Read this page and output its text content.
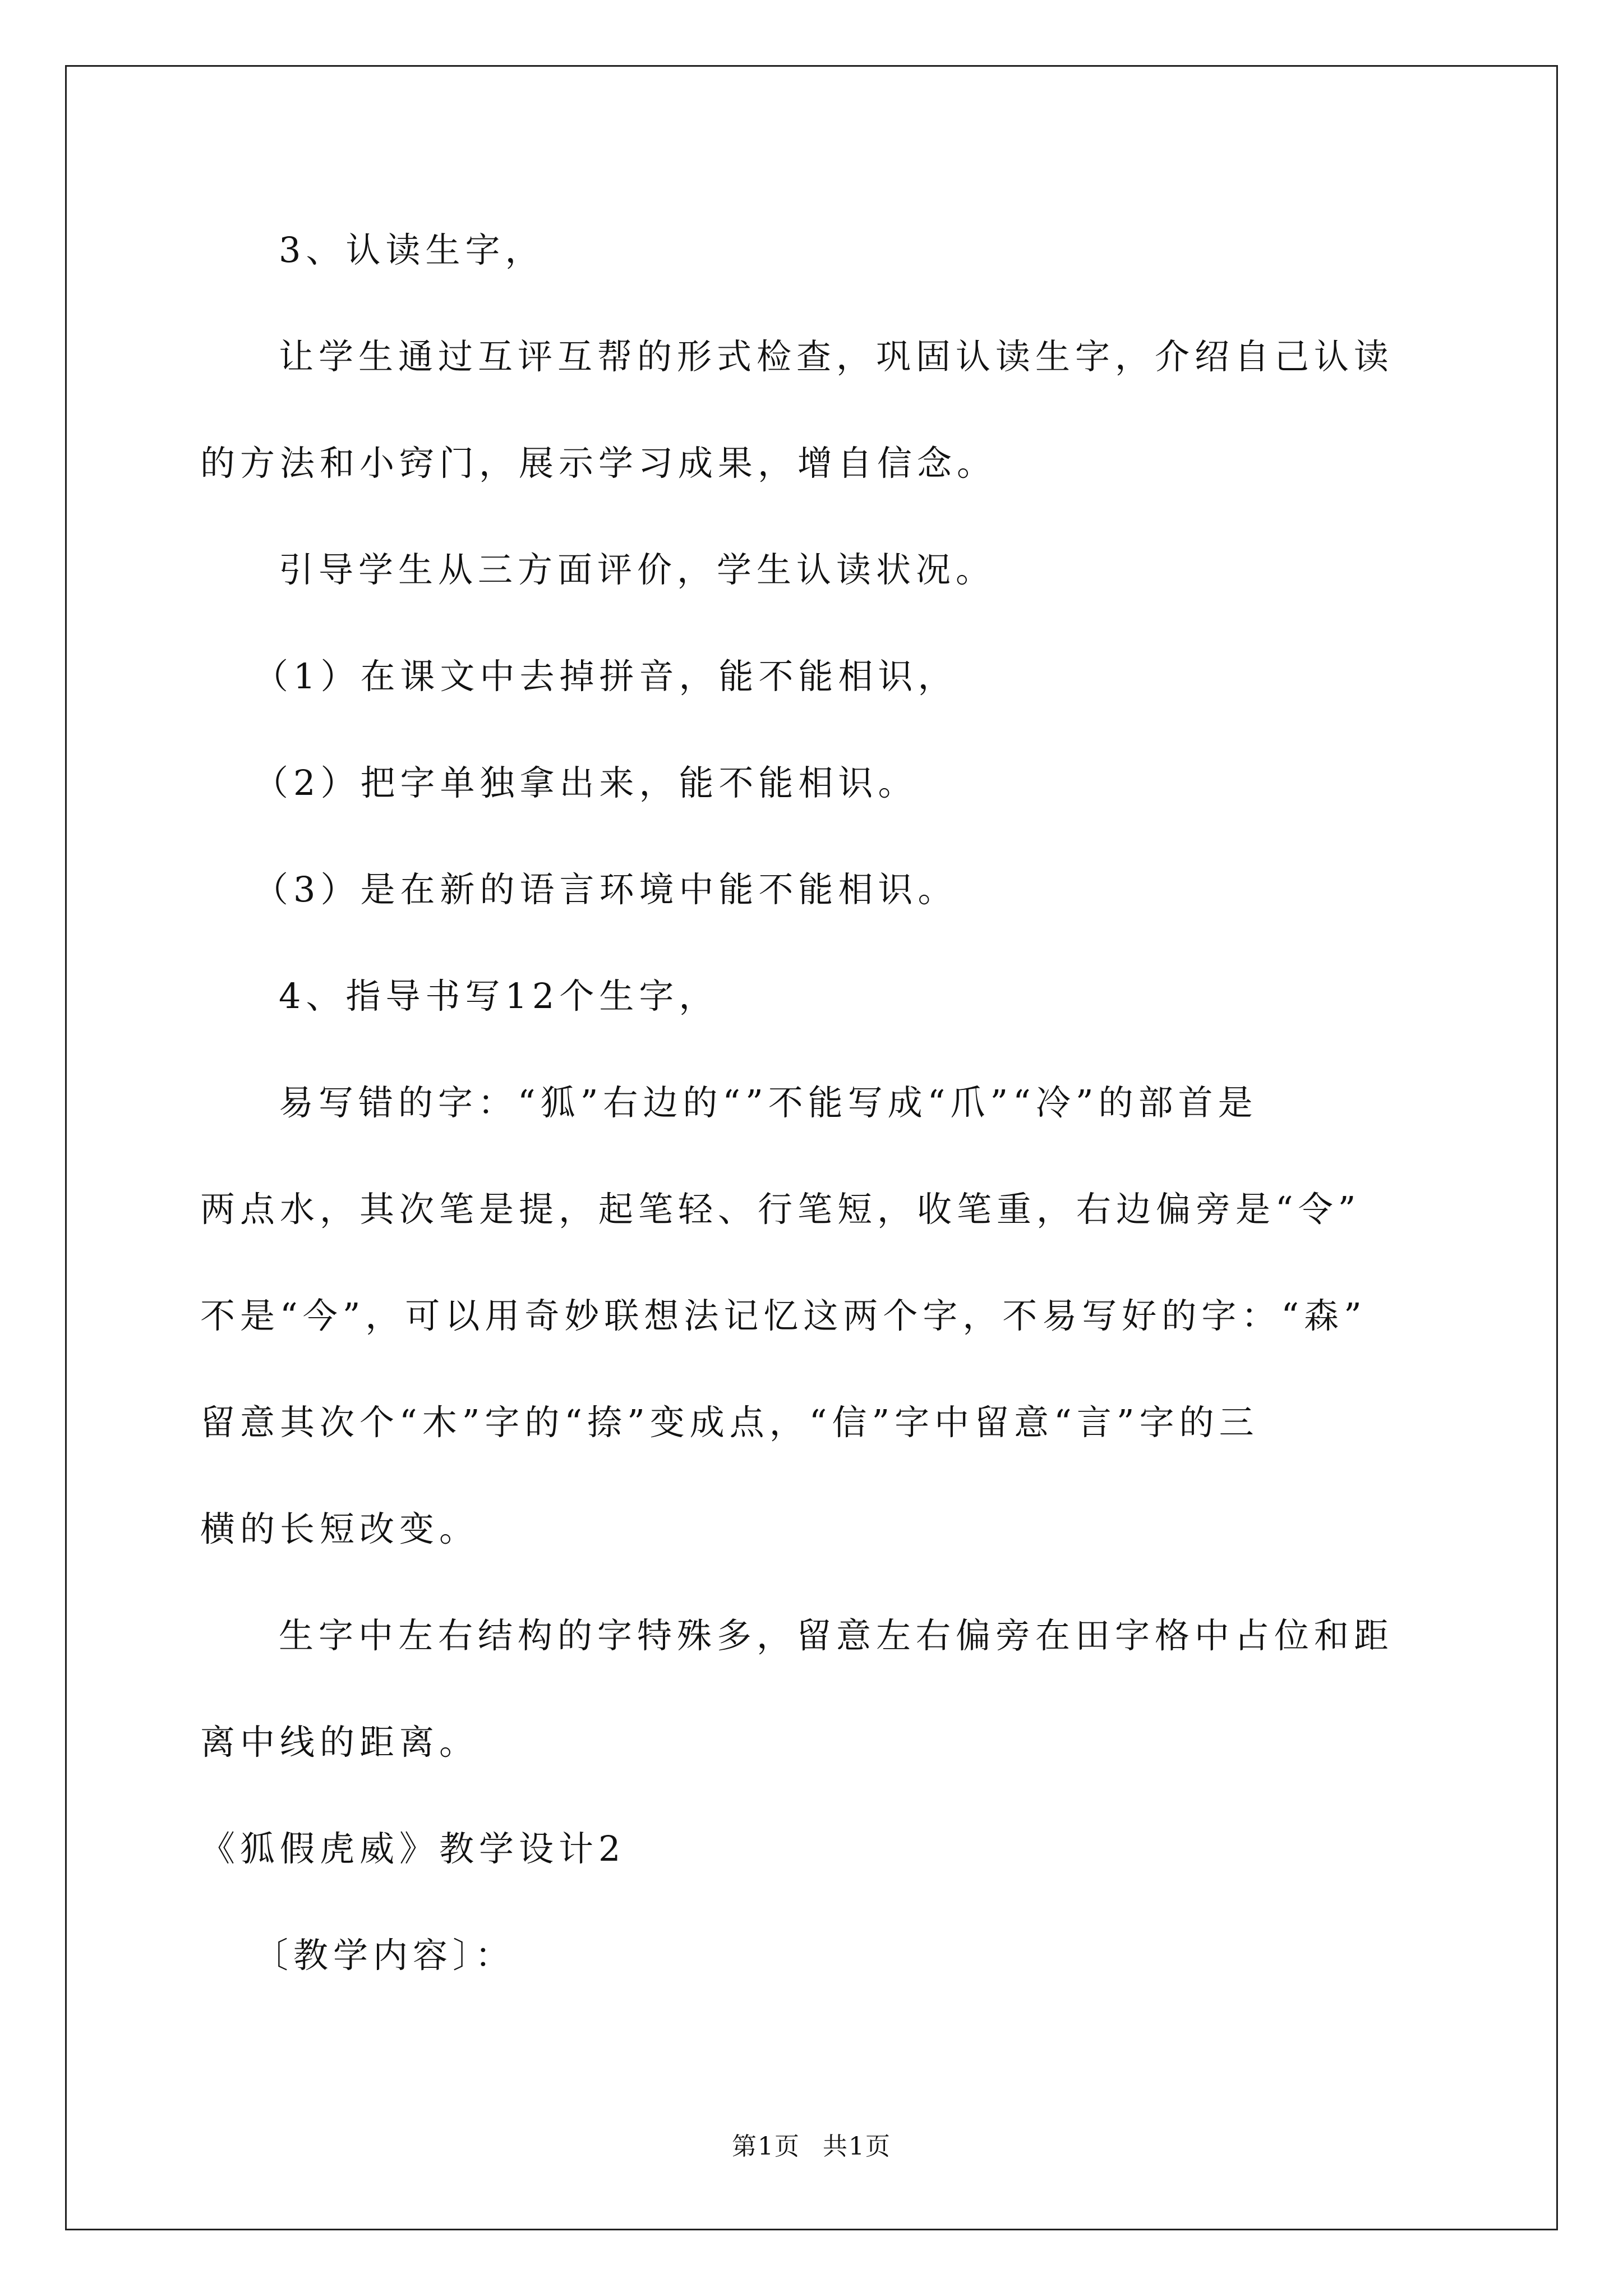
3、认读生字，
让学生通过互评互帮的形式检查，巩固认读生字，介绍自己认读
的方法和小窍门，展示学习成果，增自信念。
引导学生从三方面评价，学生认读状况。
（1）在课文中去掉拼音，能不能相识，
（2）把字单独拿出来，能不能相识。
（3）是在新的语言环境中能不能相识。
4、指导书写12个生字，
易写错的字：“狐”右边的“”不能写成“爪”“冷”的部首是
两点水，其次笔是提，起笔轻、行笔短，收笔重，右边偏旁是“令”
不是“今”，可以用奇妙联想法记忆这两个字，不易写好的字：“森”
留意其次个“木”字的“捺”变成点，“信”字中留意“言”字的三
横的长短改变。
生字中左右结构的字特殊多，留意左右偏旁在田字格中占位和距
离中线的距离。
《狐假虎威》教学设计2
〔教学内容〕：
第1页 共1页
